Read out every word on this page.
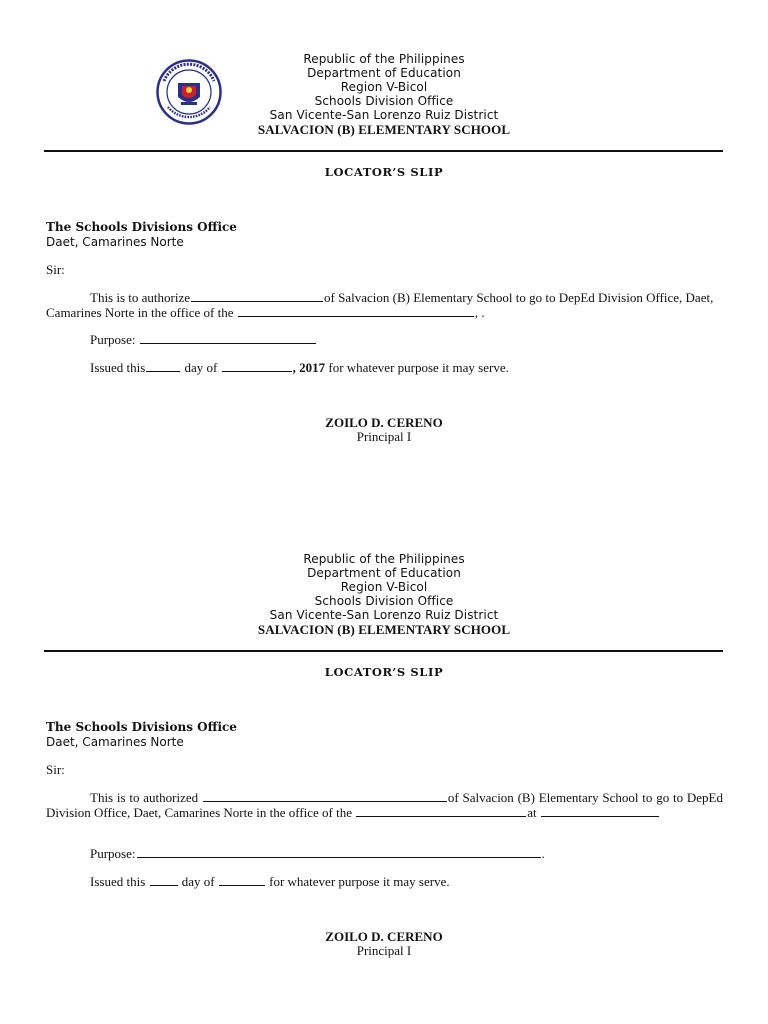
Republic of the Philippines
Department of Education
Region V-Bicol
Schools Division Office
San Vicente-San Lorenzo Ruiz District
SALVACION (B) ELEMENTARY SCHOOL
LOCATOR’S SLIP
The Schools Divisions Office
Daet, Camarines Norte
Sir:
This is to authorize	of Salvacion (B) Elementary School to go to DepEd Division Office, Daet, Camarines Norte in the office of the	, .
Purpose:
Issued this	day of	, 2017 for whatever purpose it may serve.
ZOILO D. CERENO
Principal I
Republic of the Philippines
Department of Education
Region V-Bicol
Schools Division Office
San Vicente-San Lorenzo Ruiz District
SALVACION (B) ELEMENTARY SCHOOL
LOCATOR’S SLIP
The Schools Divisions Office
Daet, Camarines Norte
Sir:
This is to authorized	of Salvacion (B) Elementary School to go to DepEd Division Office, Daet, Camarines Norte in the office of the	at
Purpose:	.
Issued this	day of	for whatever purpose it may serve.
ZOILO D. CERENO
Principal I
